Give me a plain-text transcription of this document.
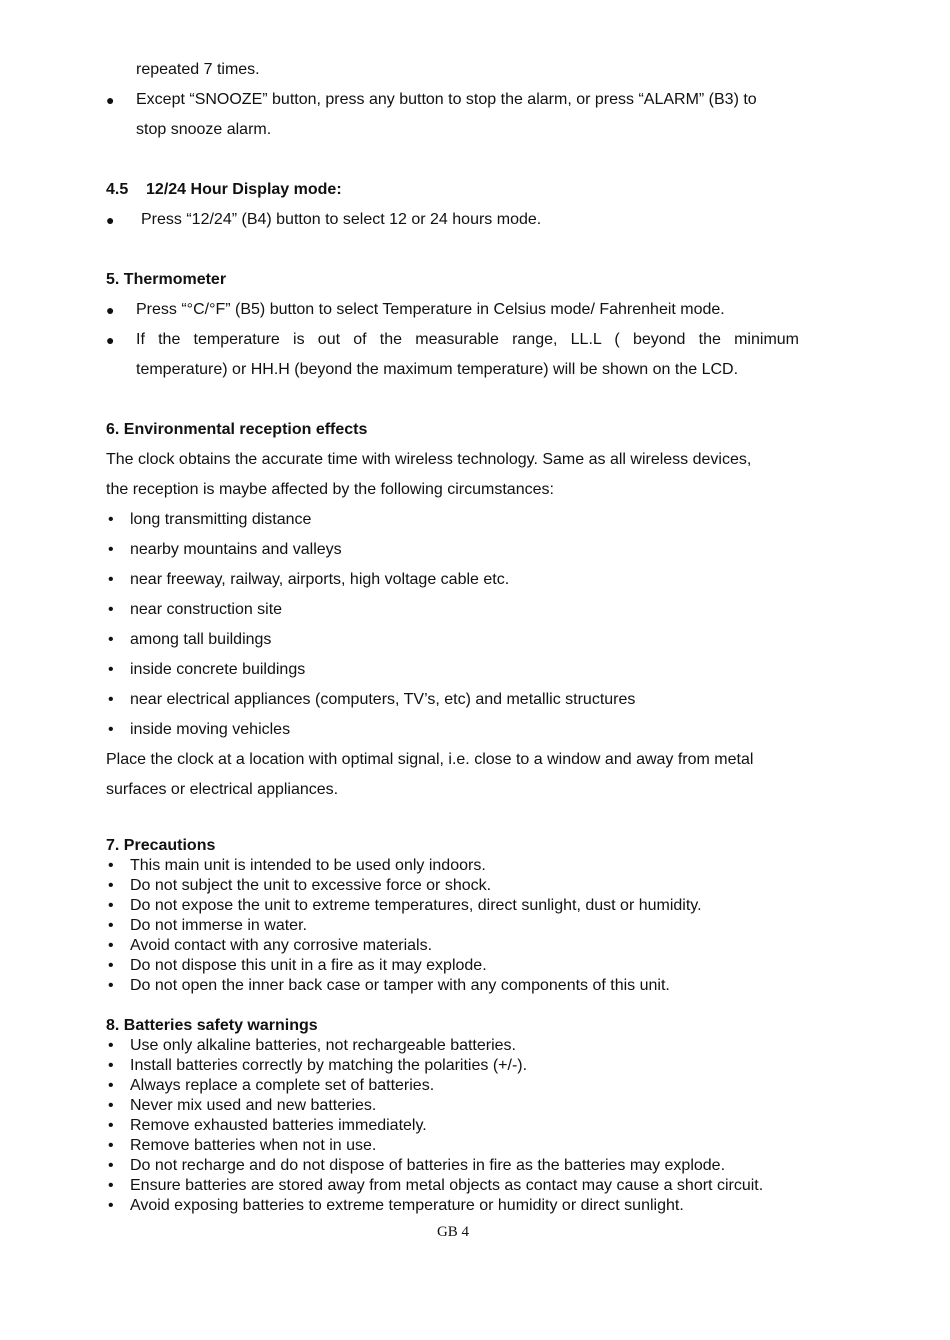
repeated 7 times.

● Except “SNOOZE” button, press any button to stop the alarm, or press “ALARM” (B3) to

stop snooze alarm.

4.5    12/24 Hour Display mode:

● Press “12/24” (B4) button to select 12 or 24 hours mode.

5. Thermometer

● Press “°C/°F” (B5) button to select Temperature in Celsius mode/ Fahrenheit mode.

● If the temperature is out of the measurable range, LL.L ( beyond the minimum

temperature) or HH.H (beyond the maximum temperature) will be shown on the LCD.

6. Environmental reception effects

The clock obtains the accurate time with wireless technology. Same as all wireless devices,

the reception is maybe affected by the following circumstances:

• long transmitting distance

• nearby mountains and valleys

• near freeway, railway, airports, high voltage cable etc.

• near construction site

• among tall buildings

• inside concrete buildings

• near electrical appliances (computers, TV’s, etc) and metallic structures

• inside moving vehicles

Place the clock at a location with optimal signal, i.e. close to a window and away from metal

surfaces or electrical appliances.

7. Precautions

• This main unit is intended to be used only indoors.

• Do not subject the unit to excessive force or shock.

• Do not expose the unit to extreme temperatures, direct sunlight, dust or humidity.

• Do not immerse in water.

• Avoid contact with any corrosive materials.

• Do not dispose this unit in a fire as it may explode.

• Do not open the inner back case or tamper with any components of this unit.

8. Batteries safety warnings

• Use only alkaline batteries, not rechargeable batteries.

• Install batteries correctly by matching the polarities (+/-).

• Always replace a complete set of batteries.

• Never mix used and new batteries.

• Remove exhausted batteries immediately.

• Remove batteries when not in use.

• Do not recharge and do not dispose of batteries in fire as the batteries may explode.

• Ensure batteries are stored away from metal objects as contact may cause a short circuit.

• Avoid exposing batteries to extreme temperature or humidity or direct sunlight.

GB 4
